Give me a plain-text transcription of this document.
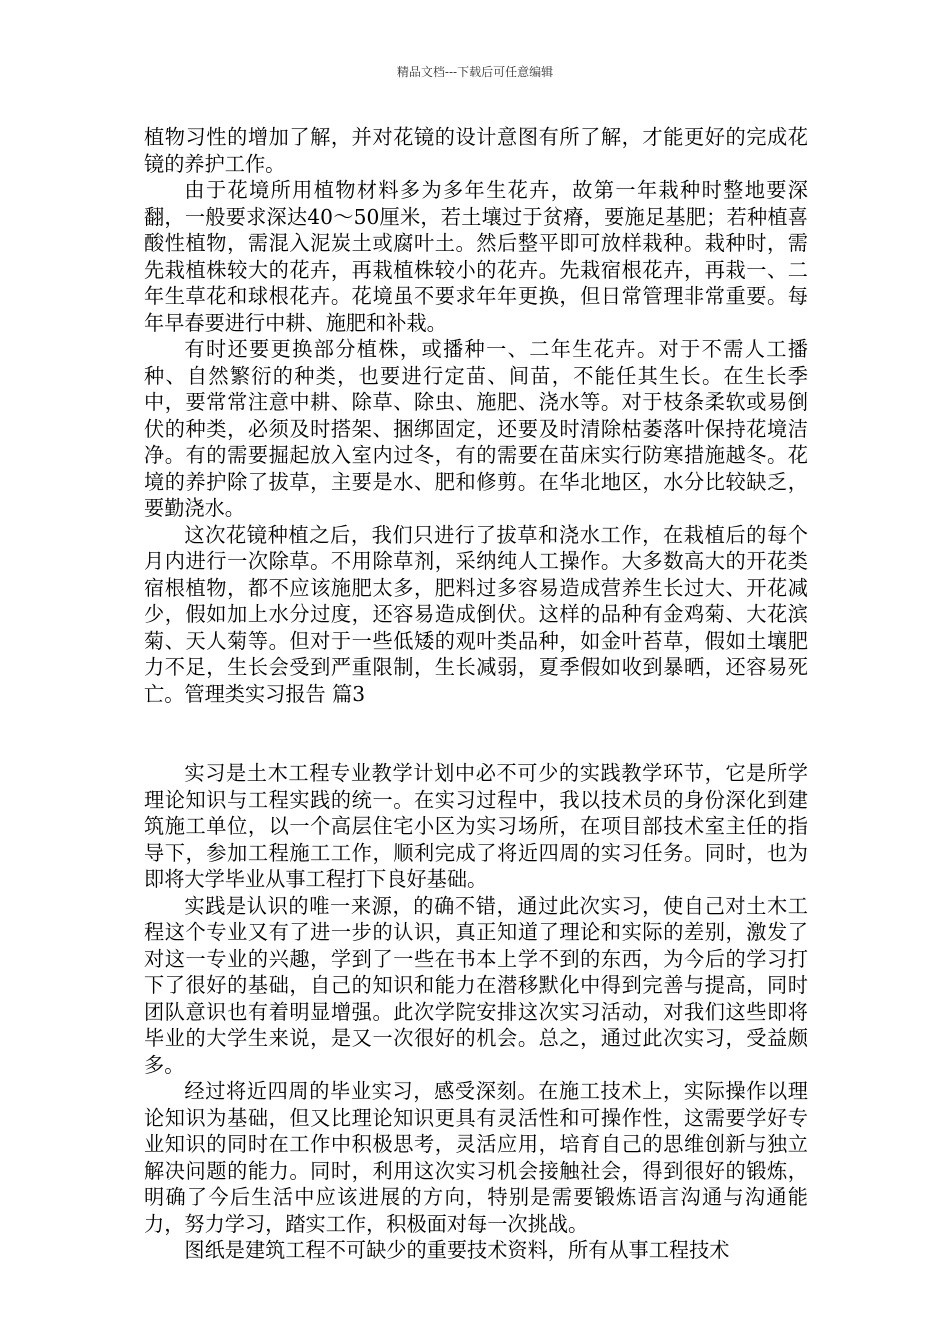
精品文档---下载后可任意编辑

植物习性的增加了解，并对花镜的设计意图有所了解，才能更好的完成花镜的养护工作。

由于花境所用植物材料多为多年生花卉，故第一年栽种时整地要深翻，一般要求深达40～50厘米，若土壤过于贫瘠，要施足基肥；若种植喜酸性植物，需混入泥炭土或腐叶土。然后整平即可放样栽种。栽种时，需先栽植株较大的花卉，再栽植株较小的花卉。先栽宿根花卉，再栽一、二年生草花和球根花卉。花境虽不要求年年更换，但日常管理非常重要。每年早春要进行中耕、施肥和补栽。

有时还要更换部分植株，或播种一、二年生花卉。对于不需人工播种、自然繁衍的种类，也要进行定苗、间苗，不能任其生长。在生长季中，要常常注意中耕、除草、除虫、施肥、浇水等。对于枝条柔软或易倒伏的种类，必须及时搭架、捆绑固定，还要及时清除枯萎落叶保持花境洁净。有的需要掘起放入室内过冬，有的需要在苗床实行防寒措施越冬。花境的养护除了拔草，主要是水、肥和修剪。在华北地区，水分比较缺乏，要勤浇水。

这次花镜种植之后，我们只进行了拔草和浇水工作，在栽植后的每个月内进行一次除草。不用除草剂，采纳纯人工操作。大多数高大的开花类宿根植物，都不应该施肥太多，肥料过多容易造成营养生长过大、开花减少，假如加上水分过度，还容易造成倒伏。这样的品种有金鸡菊、大花滨菊、天人菊等。但对于一些低矮的观叶类品种，如金叶苔草，假如土壤肥力不足，生长会受到严重限制，生长减弱，夏季假如收到暴晒，还容易死亡。管理类实习报告 篇3

实习是土木工程专业教学计划中必不可少的实践教学环节，它是所学理论知识与工程实践的统一。在实习过程中，我以技术员的身份深化到建筑施工单位，以一个高层住宅小区为实习场所，在项目部技术室主任的指导下，参加工程施工工作，顺利完成了将近四周的实习任务。同时，也为即将大学毕业从事工程打下良好基础。

实践是认识的唯一来源，的确不错，通过此次实习，使自己对土木工程这个专业又有了进一步的认识，真正知道了理论和实际的差别，激发了对这一专业的兴趣，学到了一些在书本上学不到的东西，为今后的学习打下了很好的基础，自己的知识和能力在潜移默化中得到完善与提高，同时团队意识也有着明显增强。此次学院安排这次实习活动，对我们这些即将毕业的大学生来说，是又一次很好的机会。总之，通过此次实习，受益颇多。

经过将近四周的毕业实习，感受深刻。在施工技术上，实际操作以理论知识为基础，但又比理论知识更具有灵活性和可操作性，这需要学好专业知识的同时在工作中积极思考，灵活应用，培育自己的思维创新与独立解决问题的能力。同时，利用这次实习机会接触社会，得到很好的锻炼，明确了今后生活中应该进展的方向，特别是需要锻炼语言沟通与沟通能力，努力学习，踏实工作，积极面对每一次挑战。

图纸是建筑工程不可缺少的重要技术资料，所有从事工程技术
